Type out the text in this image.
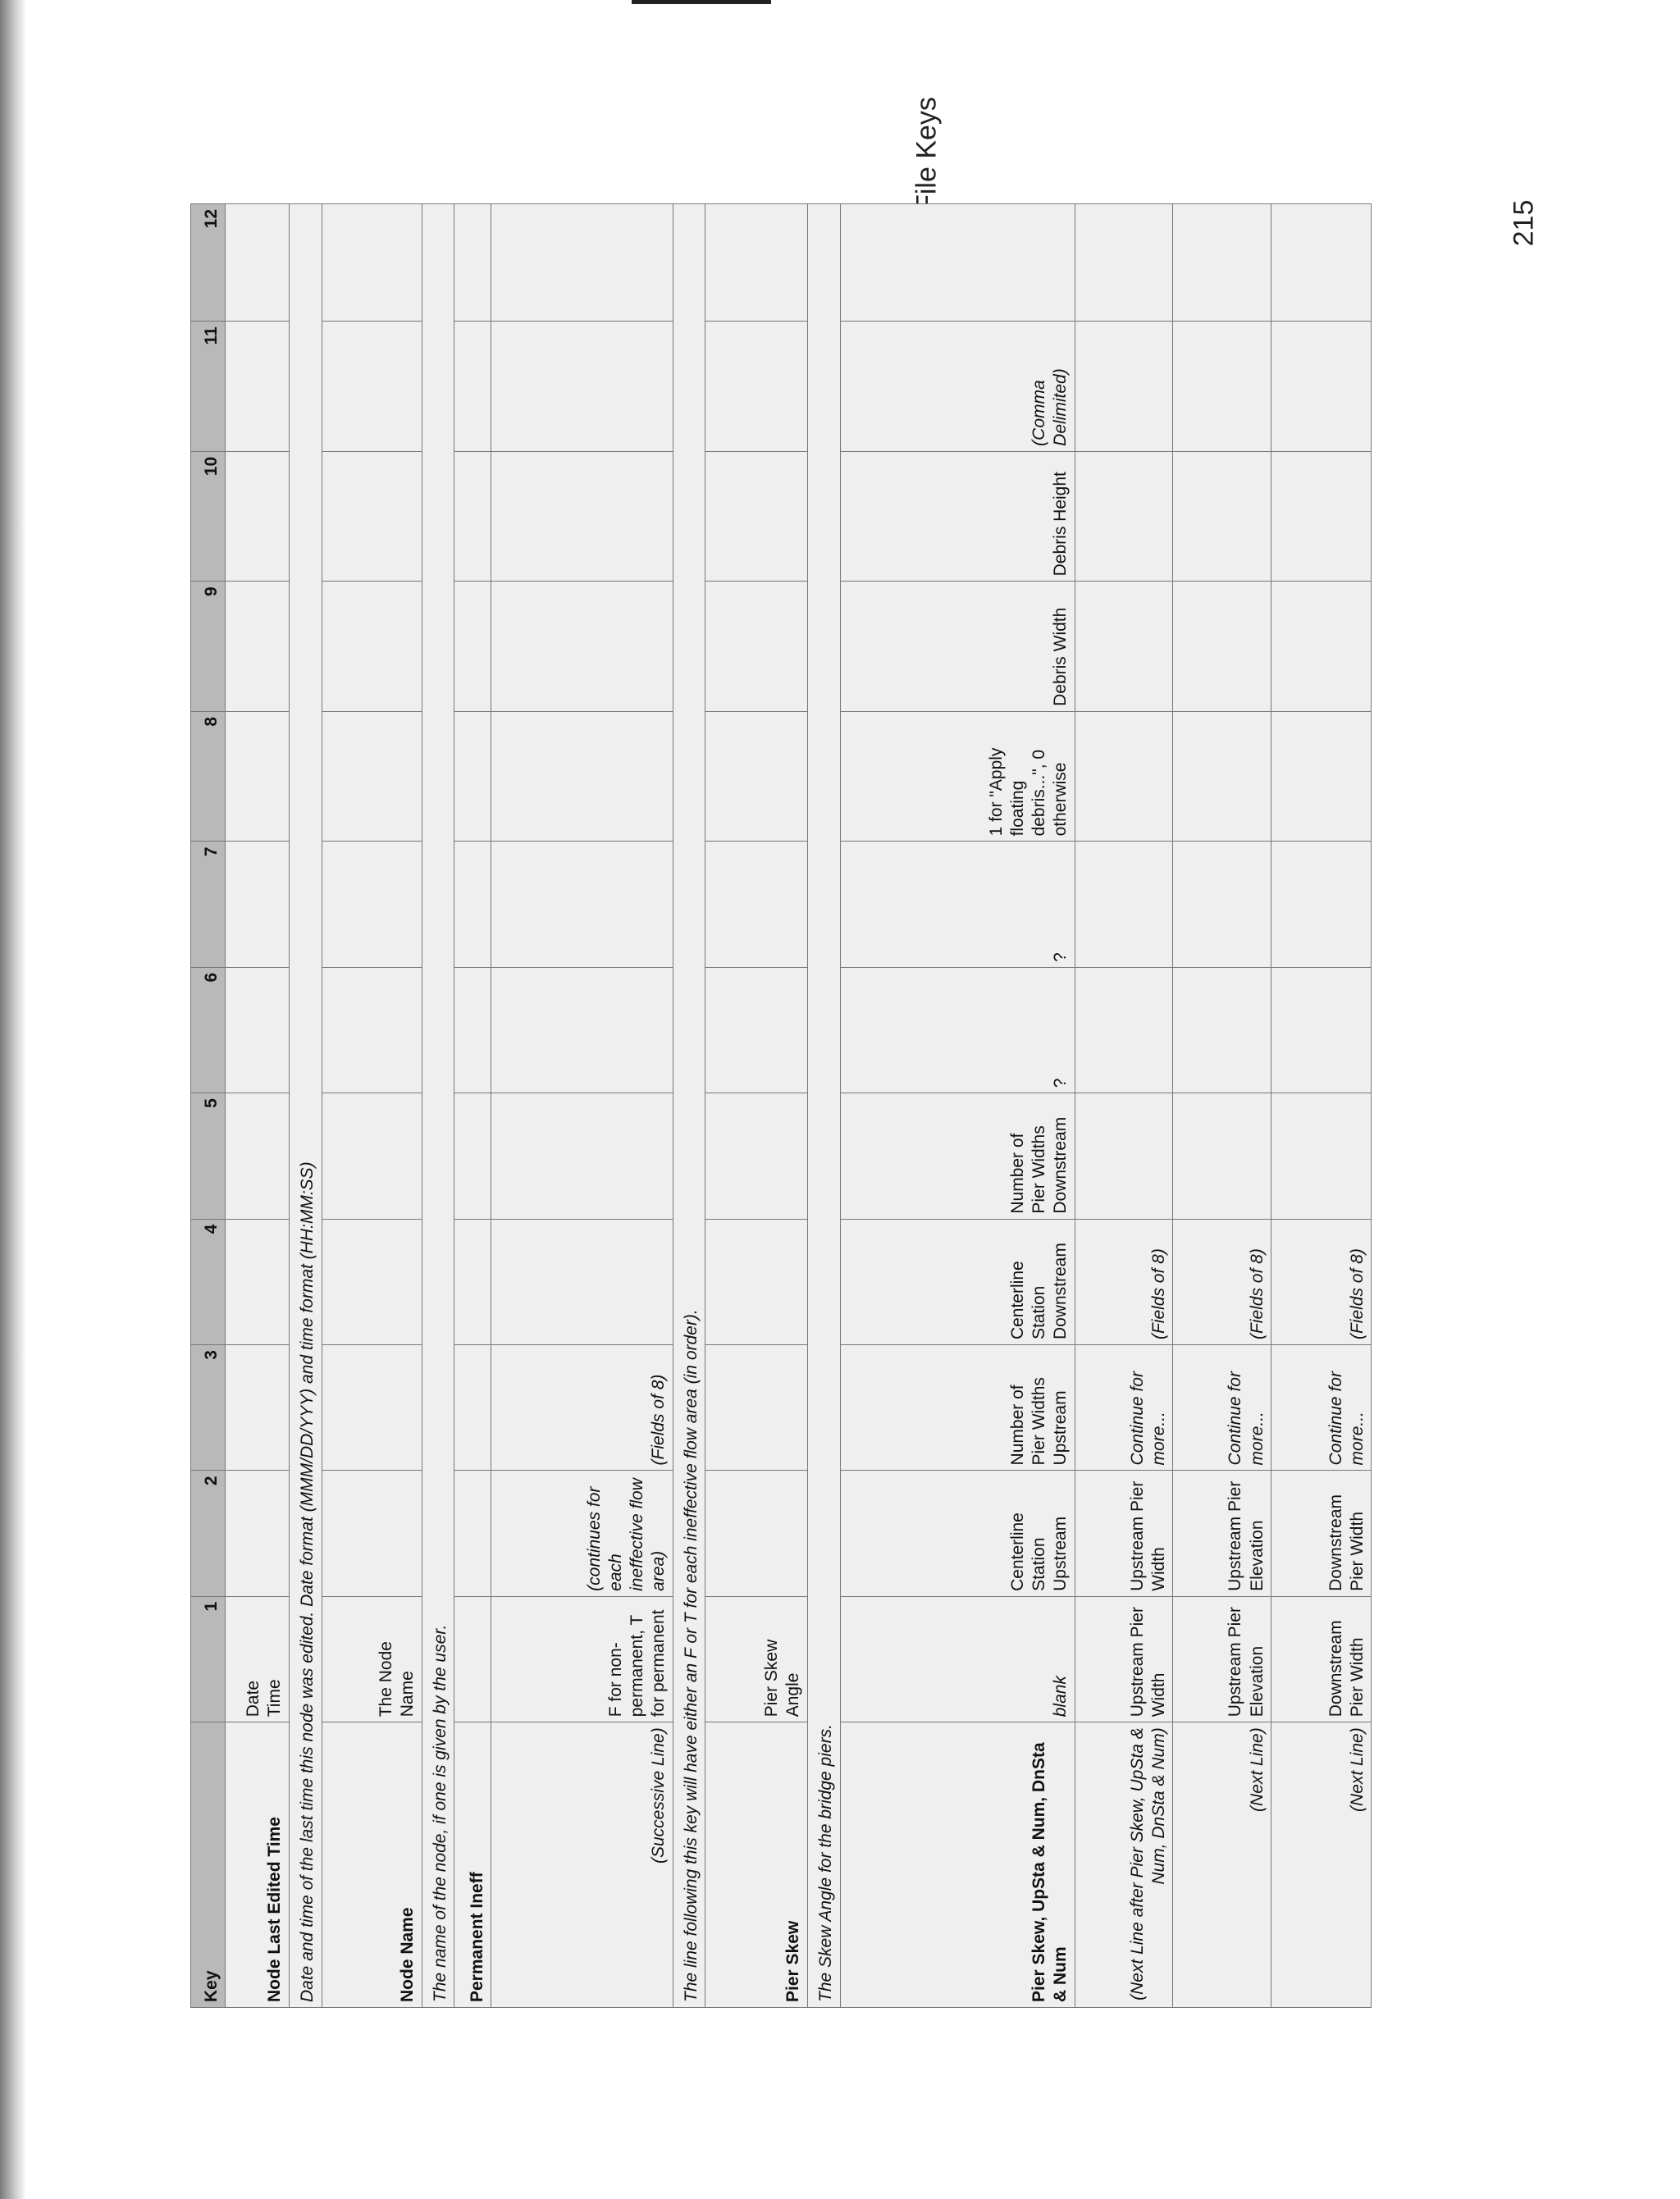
215
Key	1	2	3	4	5	6	7	8	9	10	11	12
Node Last Edited Time	Date Time											

Date and time of the last time this node was edited. Date format (MMM/DD/YYY) and time format (HH:MM:SS)												
Node Name	The Node Name											
The name of the node, if one is given by the user.												
Permanent Ineff												
(Successive Line)	F for non-permanent, T for permanent	(continues for each ineffective flow area)	(Fields of 8)									
The line following this key will have either an F or T for each ineffective flow area (in order).												
Pier Skew	Pier Skew Angle											
The Skew Angle for the bridge piers.												
Pier Skew, UpSta & Num, DnSta & Num	blank	Centerline Station Upstream	Number of Pier Widths Upstream	Centerline Station Downstream	Number of Pier Widths Downstream	?	?	1 for "Apply floating debris...", 0 otherwise	Debris Width	Debris Height	(Comma Delimited)	
(Next Line after Pier Skew, UpSta & Num, DnSta & Num)	Upstream Pier Width	Upstream Pier Width	Continue for more...	(Fields of 8)								
(Next Line)	Upstream Pier Elevation	Upstream Pier Elevation	Continue for more...	(Fields of 8)								
(Next Line)	Downstream Pier Width	Downstream Pier Width	Continue for more...	(Fields of 8)								
